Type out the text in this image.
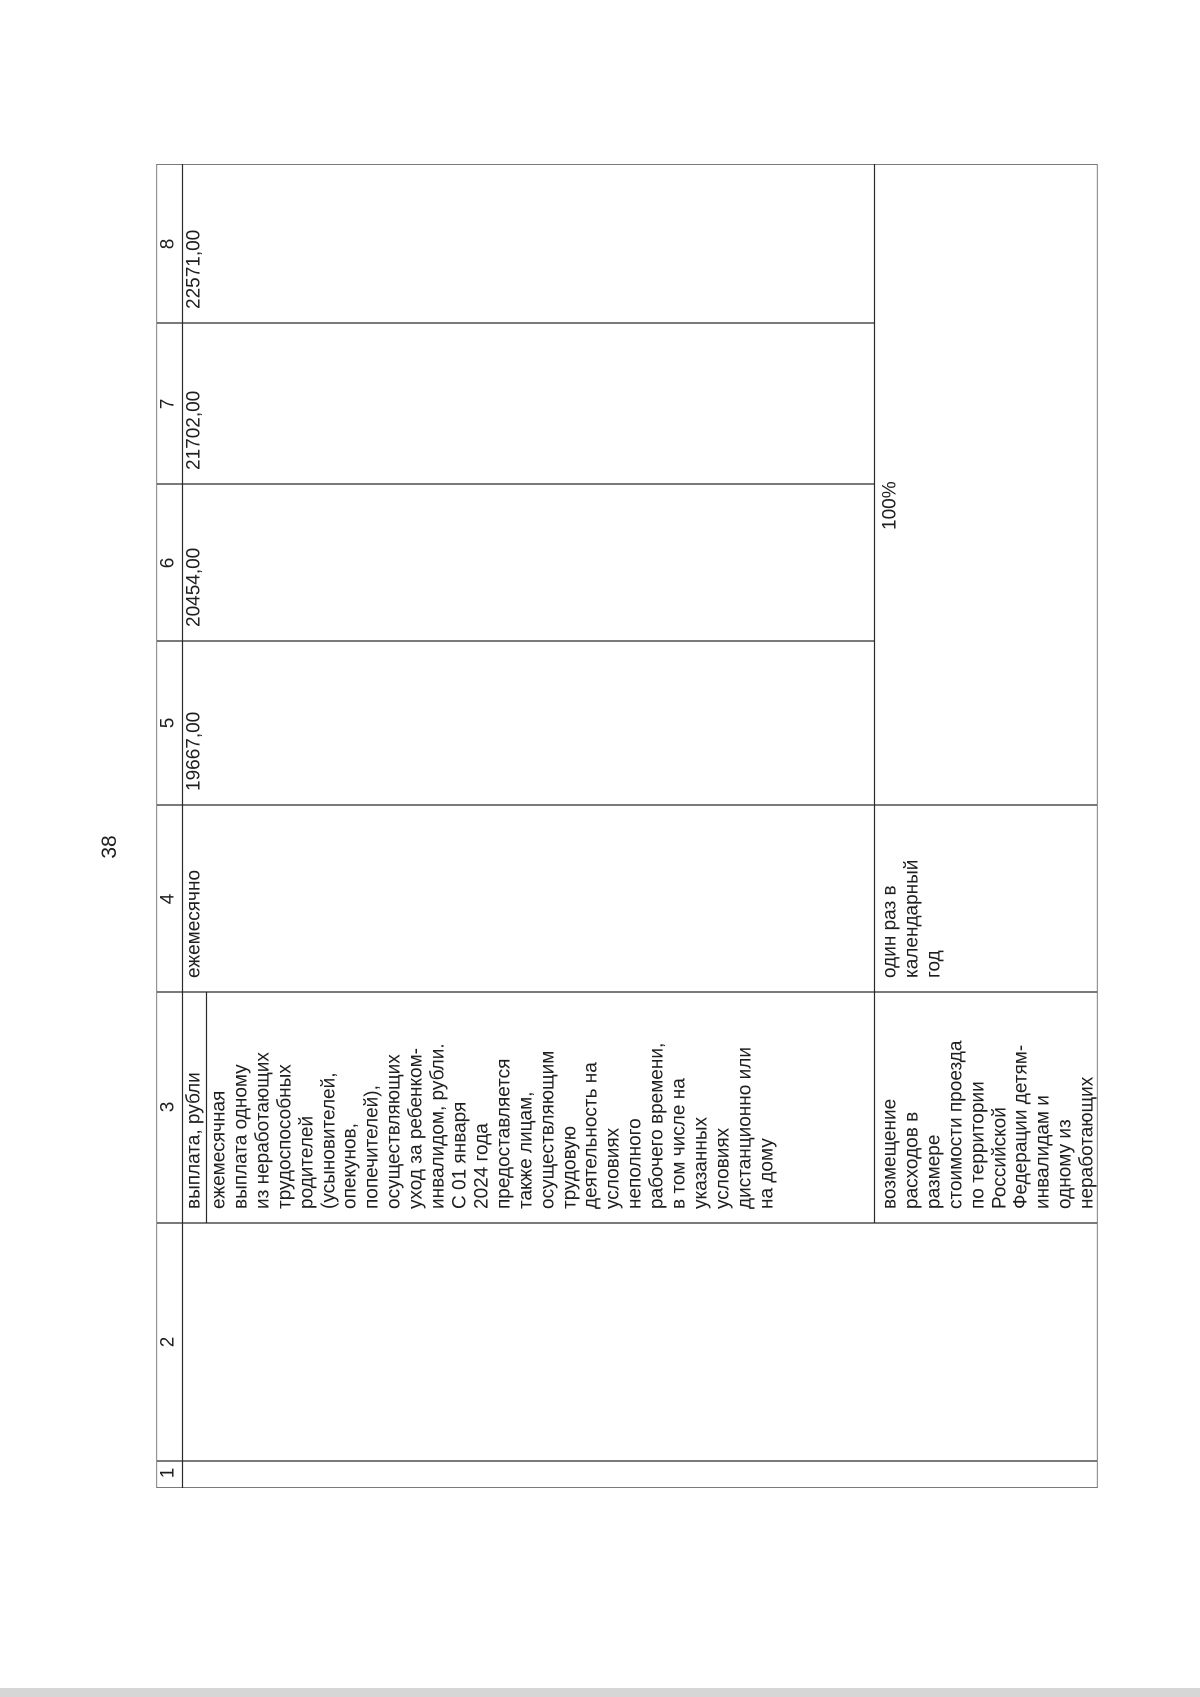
38
1
2
3
4
5
6
7
8
выплата, рубли ежемесячная выплата одному из неработающих трудоспособных родителей (усыновителей, опекунов, попечителей), осуществляющих уход за ребенком- инвалидом, рубли. С 01 января 2024 года предоставляется также лицам, осуществляющим трудовую деятельность на условиях неполного рабочего времени, в том числе на указанных условиях дистанционно или на дому
ежемесячно
19667,00
20454,00
21702,00
22571,00
возмещение расходов в размере стоимости проезда по территории Российской Федерации детям- инвалидам и одному из неработающих
один раз в календарный год
100%
